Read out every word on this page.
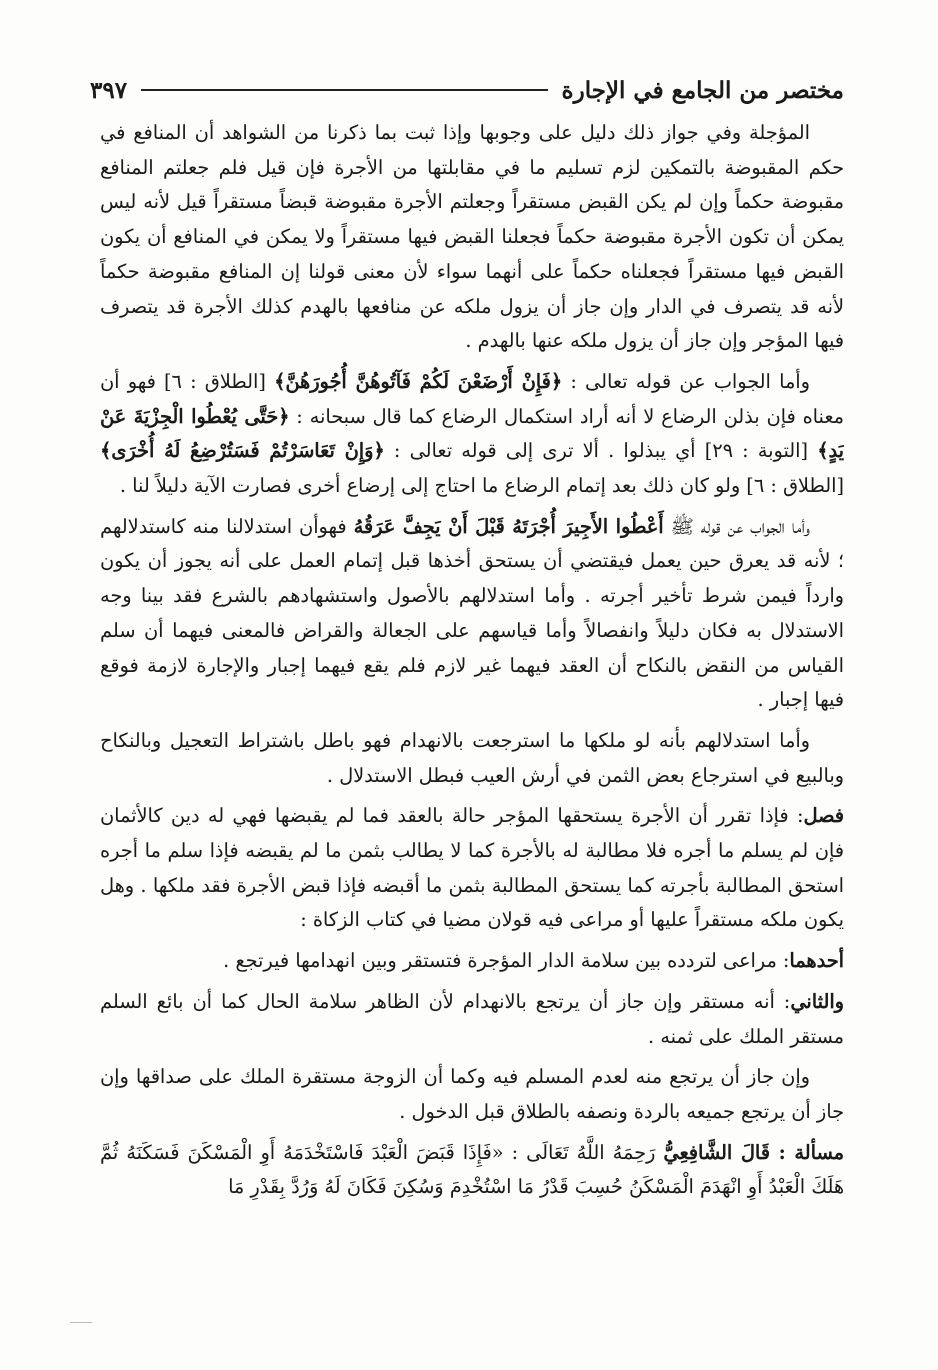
مختصر من الجامع في الإجارة
٣٩٧

المؤجلة وفي جواز ذلك دليل على وجوبها وإذا ثبت بما ذكرنا من الشواهد أن المنافع في حكم المقبوضة بالتمكين لزم تسليم ما في مقابلتها من الأجرة فإن قيل فلم جعلتم المنافع مقبوضة حكماً وإن لم يكن القبض مستقراً وجعلتم الأجرة مقبوضة قبضاً مستقراً قيل لأنه ليس يمكن أن تكون الأجرة مقبوضة حكماً فجعلنا القبض فيها مستقراً ولا يمكن في المنافع أن يكون القبض فيها مستقراً فجعلناه حكماً على أنهما سواء لأن معنى قولنا إن المنافع مقبوضة حكماً لأنه قد يتصرف في الدار وإن جاز أن يزول ملكه عن منافعها بالهدم كذلك الأجرة قد يتصرف فيها المؤجر وإن جاز أن يزول ملكه عنها بالهدم .

وأما الجواب عن قوله تعالى : ﴿فَإِنْ أَرْضَعْنَ لَكُمْ فَآتُوهُنَّ أُجُورَهُنَّ﴾ [الطلاق : ٦] فهو أن معناه فإن بذلن الرضاع لا أنه أراد استكمال الرضاع كما قال سبحانه : ﴿حَتَّى يُعْطُوا الْجِزْيَةَ عَنْ يَدٍ﴾ [التوبة : ٢٩] أي يبذلوا . ألا ترى إلى قوله تعالى : ﴿وَإِنْ تَعَاسَرْتُمْ فَسَتُرْضِعُ لَهُ أُخْرَى﴾ [الطلاق : ٦] ولو كان ذلك بعد إتمام الرضاع ما احتاج إلى إرضاع أخرى فصارت الآية دليلاً لنا .

وأما الجواب عن قوله ﷺ أَعْطُوا الأَجِيرَ أُجْرَتَهُ قَبْلَ أَنْ يَجِفَّ عَرَقُهُ فهوأن استدلالنا منه كاستدلالهم ؛ لأنه قد يعرق حين يعمل فيقتضي أن يستحق أخذها قبل إتمام العمل على أنه يجوز أن يكون وارداً فيمن شرط تأخير أجرته . وأما استدلالهم بالأصول واستشهادهم بالشرع فقد بينا وجه الاستدلال به فكان دليلاً وانفصالاً وأما قياسهم على الجعالة والقراض فالمعنى فيهما أن سلم القياس من النقض بالنكاح أن العقد فيهما غير لازم فلم يقع فيهما إجبار والإجارة لازمة فوقع فيها إجبار .

وأما استدلالهم بأنه لو ملكها ما استرجعت بالانهدام فهو باطل باشتراط التعجيل وبالنكاح وبالبيع في استرجاع بعض الثمن في أرش العيب فبطل الاستدلال .

فصل: فإذا تقرر أن الأجرة يستحقها المؤجر حالة بالعقد فما لم يقبضها فهي له دين كالأثمان فإن لم يسلم ما أجره فلا مطالبة له بالأجرة كما لا يطالب بثمن ما لم يقبضه فإذا سلم ما أجره استحق المطالبة بأجرته كما يستحق المطالبة بثمن ما أقبضه فإذا قبض الأجرة فقد ملكها . وهل يكون ملكه مستقراً عليها أو مراعى فيه قولان مضيا في كتاب الزكاة :

أحدهما: مراعى لتردده بين سلامة الدار المؤجرة فتستقر وبين انهدامها فيرتجع .

والثاني: أنه مستقر وإن جاز أن يرتجع بالانهدام لأن الظاهر سلامة الحال كما أن بائع السلم مستقر الملك على ثمنه .

وإن جاز أن يرتجع منه لعدم المسلم فيه وكما أن الزوجة مستقرة الملك على صداقها وإن جاز أن يرتجع جميعه بالردة ونصفه بالطلاق قبل الدخول .

مسألة : قَالَ الشَّافِعِيُّ رَحِمَهُ اللَّهُ تَعَالَى : «فَإِذَا قَبَضَ الْعَبْدَ فَاسْتَخْدَمَهُ أَوِ الْمَسْكَنَ فَسَكَنَهُ ثُمَّ هَلَكَ الْعَبْدُ أَوِ انْهَدَمَ الْمَسْكَنُ حُسِبَ قَدْرُ مَا اسْتُخْدِمَ وَسُكِنَ فَكَانَ لَهُ وَرُدَّ بِقَدْرِ مَا
